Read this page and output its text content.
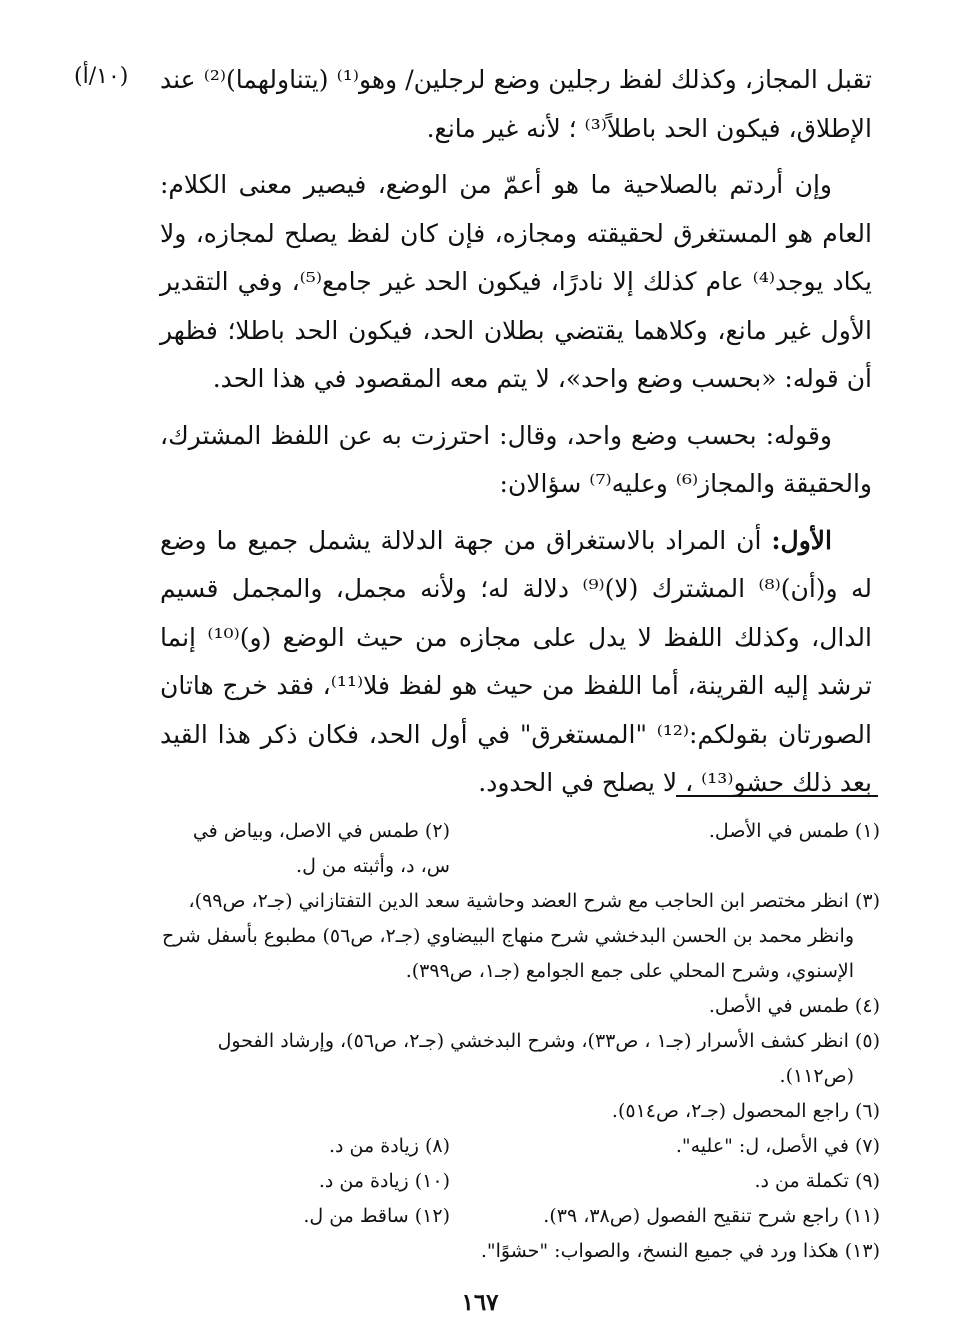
(١٠/أ) تقبل المجاز، وكذلك لفظ رجلين وضع لرجلين/ وهو⁽¹⁾ (يتناولهما)⁽²⁾ عند الإطلاق، فيكون الحد باطلاً⁽³⁾ ؛ لأنه غير مانع.

وإن أردتم بالصلاحية ما هو أعمّ من الوضع، فيصير معنى الكلام: العام هو المستغرق لحقيقته ومجازه، فإن كان لفظ يصلح لمجازه، ولا يكاد يوجد⁽⁴⁾ عام كذلك إلا نادرًا، فيكون الحد غير جامع⁽⁵⁾، وفي التقدير الأول غير مانع، وكلاهما يقتضي بطلان الحد، فيكون الحد باطلا؛ فظهر أن قوله: «بحسب وضع واحد»، لا يتم معه المقصود في هذا الحد.

وقوله: بحسب وضع واحد، وقال: احترزت به عن اللفظ المشترك، والحقيقة والمجاز⁽⁶⁾ وعليه⁽⁷⁾ سؤالان:

الأول: أن المراد بالاستغراق من جهة الدلالة يشمل جميع ما وضع له و(أن)⁽⁸⁾ المشترك (لا)⁽⁹⁾ دلالة له؛ ولأنه مجمل، والمجمل قسيم الدال، وكذلك اللفظ لا يدل على مجازه من حيث الوضع (و)⁽¹⁰⁾ إنما ترشد إليه القرينة، أما اللفظ من حيث هو لفظ فلا⁽¹¹⁾، فقد خرج هاتان الصورتان بقولكم:⁽¹²⁾ "المستغرق" في أول الحد، فكان ذكر هذا القيد بعد ذلك حشو⁽¹³⁾ ، لا يصلح في الحدود.

(١) طمس في الأصل.
(٢) طمس في الاصل، وبياض في س، د، وأثبته من ل.

(٣) انظر مختصر ابن الحاجب مع شرح العضد وحاشية سعد الدين التفتازاني (جـ٢، ص٩٩)، وانظر محمد بن الحسن البدخشي شرح منهاج البيضاوي (جـ٢، ص٥٦) مطبوع بأسفل شرح الإسنوي، وشرح المحلي على جمع الجوامع (جـ١، ص٣٩٩).

(٤) طمس في الأصل.

(٥) انظر كشف الأسرار (جـ١ ، ص٣٣)، وشرح البدخشي (جـ٢، ص٥٦)، وإرشاد الفحول (ص١١٢).

(٦) راجع المحصول (جـ٢، ص٥١٤).

(٧) في الأصل، ل: "عليه".
(٨) زيادة من د.
(٩) تكملة من د.
(١٠) زيادة من د.
(١١) راجع شرح تنقيح الفصول (ص٣٨، ٣٩).
(١٢) ساقط من ل.

(١٣) هكذا ورد في جميع النسخ، والصواب: "حشوًا".

١٦٧
